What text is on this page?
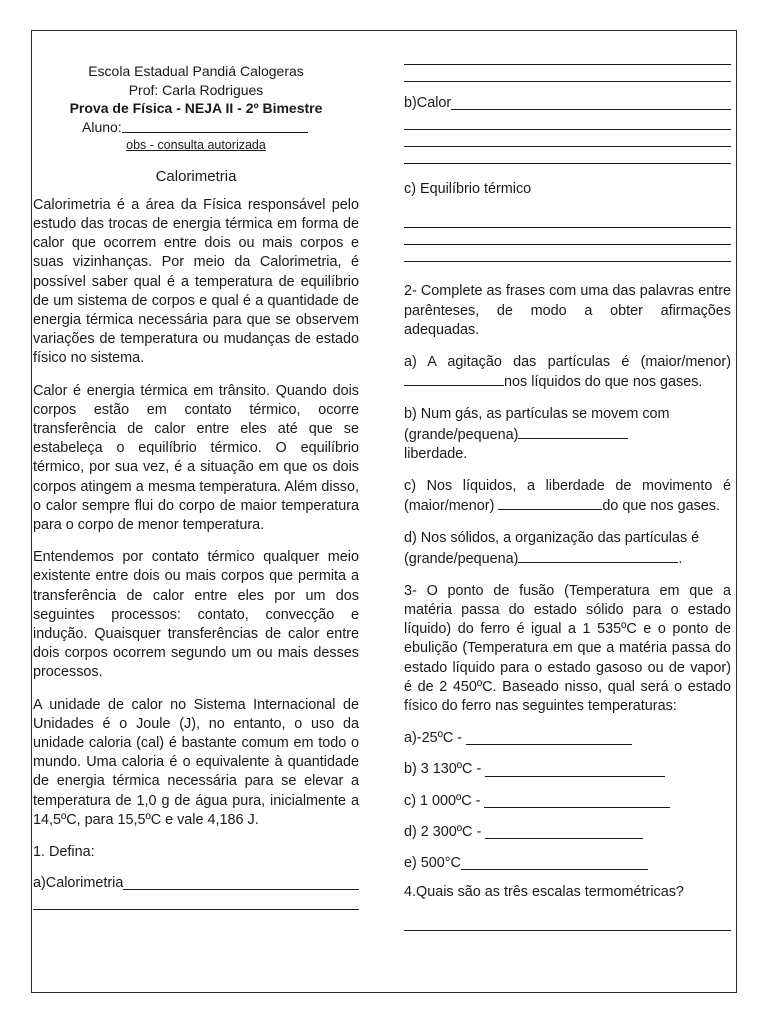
Escola Estadual Pandiá Calogeras
Prof: Carla Rodrigues
Prova de Física - NEJA II - 2º Bimestre
Aluno:
obs - consulta autorizada
Calorimetria

Calorimetria é a área da Física responsável pelo estudo das trocas de energia térmica em forma de calor que ocorrem entre dois ou mais corpos e suas vizinhanças. Por meio da Calorimetria, é possível saber qual é a temperatura de equilíbrio de um sistema de corpos e qual é a quantidade de energia térmica necessária para que se observem variações de temperatura ou mudanças de estado físico no sistema.

Calor é energia térmica em trânsito. Quando dois corpos estão em contato térmico, ocorre transferência de calor entre eles até que se estabeleça o equilíbrio térmico. O equilíbrio térmico, por sua vez, é a situação em que os dois corpos atingem a mesma temperatura. Além disso, o calor sempre flui do corpo de maior temperatura para o corpo de menor temperatura.

Entendemos por contato térmico qualquer meio existente entre dois ou mais corpos que permita a transferência de calor entre eles por um dos seguintes processos: contato, convecção e indução. Quaisquer transferências de calor entre dois corpos ocorrem segundo um ou mais desses processos.

A unidade de calor no Sistema Internacional de Unidades é o Joule (J), no entanto, o uso da unidade caloria (cal) é bastante comum em todo o mundo. Uma caloria é o equivalente à quantidade de energia térmica necessária para se elevar a temperatura de 1,0 g de água pura, inicialmente a 14,5ºC, para 15,5ºC e vale 4,186 J.

1. Defina:
a)Calorimetria
b)Calor
c) Equilíbrio térmico

2- Complete as frases com uma das palavras entre parênteses, de modo a obter afirmações adequadas.

a) A agitação das partículas é (maior/menor) nos líquidos do que nos gases.

b) Num gás, as partículas se movem com (grande/pequena)
liberdade.

c) Nos líquidos, a liberdade de movimento é (maior/menor)	do que nos gases.

d) Nos sólidos, a organização das partículas é (grande/pequena)	.

3- O ponto de fusão (Temperatura em que a matéria passa do estado sólido para o estado líquido) do ferro é igual a 1 535ºC e o ponto de ebulição (Temperatura em que a matéria passa do estado líquido para o estado gasoso ou de vapor) é de 2 450ºC. Baseado nisso, qual será o estado físico do ferro nas seguintes temperaturas:

a)-25ºC -
b) 3 130ºC -
c) 1 000ºC -
d) 2 300ºC -
e) 500°C
4.Quais são as três escalas termométricas?
